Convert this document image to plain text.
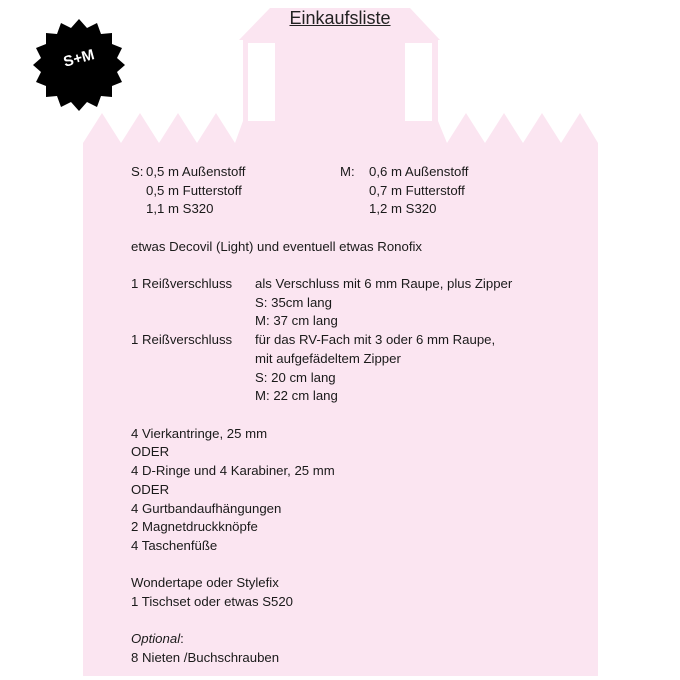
Einkaufsliste
S+M
S: 0,5 m Außenstoff
0,5 m Futterstoff
1,1 m S320
M: 0,6 m Außenstoff
0,7 m Futterstoff
1,2 m S320
etwas Decovil (Light) und eventuell etwas Ronofix
1 Reißverschluss als Verschluss mit 6 mm Raupe, plus Zipper
S: 35cm lang
M: 37 cm lang
1 Reißverschluss für das RV-Fach mit 3 oder 6 mm Raupe,
mit aufgefädeltem Zipper
S: 20 cm lang
M: 22 cm lang
4 Vierkantringe, 25 mm
ODER
4 D-Ringe und 4 Karabiner, 25 mm
ODER
4 Gurtbandaufhängungen
2 Magnetdruckknöpfe
4 Taschenfüße
Wondertape oder Stylefix
1 Tischset oder etwas S520
Optional:
8 Nieten /Buchschrauben
